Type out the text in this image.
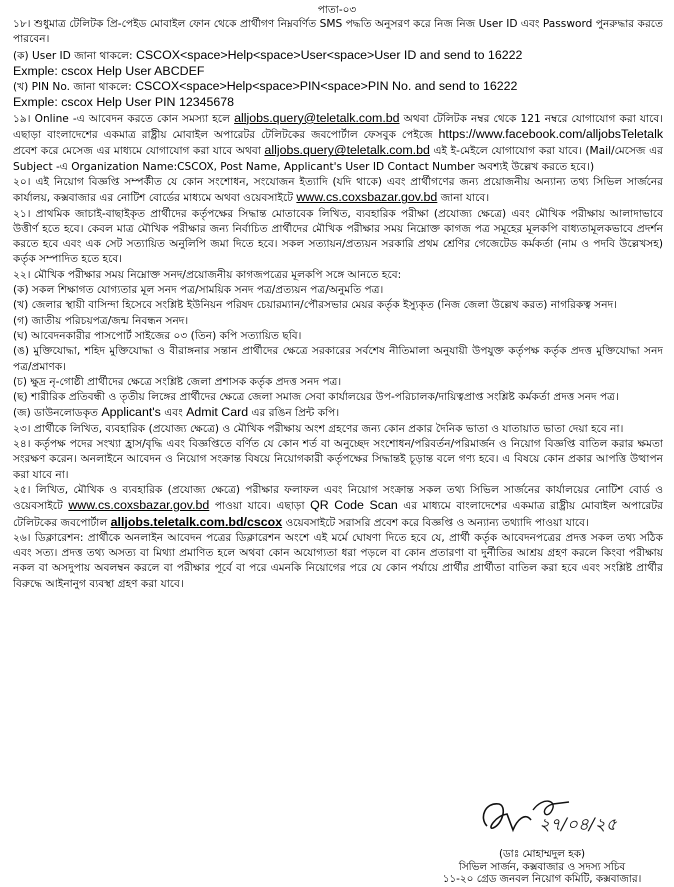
পাতা-০৩

১৮। শুধুমাত্র টেলিটক প্রি-পেইড মোবাইল ফোন থেকে প্রার্থীগণ নিম্নবর্ণিত SMS পদ্ধতি অনুসরণ করে নিজ নিজ User ID এবং Password পুনরুদ্ধার করতে পারবেন।

(ক) User ID জানা থাকলে: CSCOX<space>Help<space>User<space>User ID and send to 16222

Exmple: cscox Help User ABCDEF

(খ) PIN No. জানা থাকলে: CSCOX<space>Help<space>PIN<space>PIN No. and send to 16222

Exmple: cscox Help User PIN 12345678

১৯। Online -এ আবেদন করতে কোন সমস্যা হলে alljobs.query@teletalk.com.bd অথবা টেলিটক নম্বর থেকে 121 নম্বরে যোগাযোগ করা যাবে। এছাড়া বাংলাদেশের একমাত্র রাষ্ট্রীয় মোবাইল অপারেটর টেলিটকের জবপোর্টাল ফেসবুক পেইজে https://www.facebook.com/alljobsTeletalk প্রবেশ করে মেসেজ এর মাধ্যমে যোগাযোগ করা যাবে অথবা alljobs.query@teletalk.com.bd এই ই-মেইলে যোগাযোগ করা যাবে। (Mail/মেসেজ এর Subject -এ Organization Name:CSCOX, Post Name, Applicant's User ID Contact Number অবশ্যই উল্লেখ করতে হবে।)

২০। এই নিয়োগ বিজ্ঞপ্তি সম্পর্কীত যে কোন সংশোধন, সংযোজন ইত্যাদি (যদি থাকে) এবং প্রার্থীগণের জন্য প্রয়োজনীয় অন্যান্য তথ্য সিভিল সার্জনের কার্যালয়, কক্সবাজার এর নোটিশ বোর্ডের মাধ্যমে অথবা ওয়েবসাইটে www.cs.coxsbazar.gov.bd জানা যাবে।

২১। প্রাথমিক জাচাই-বাছাইকৃত প্রার্থীদের কর্তৃপক্ষের সিদ্ধান্ত মোতাবেক লিখিত, ব্যবহারিক পরীক্ষা (প্রযোজ্য ক্ষেত্রে) এবং মৌখিক পরীক্ষায় আলাদাভাবে উত্তীর্ণ হতে হবে। কেবল মাত্র মৌখিক পরীক্ষার জন্য নির্বাচিত প্রার্থীদের মৌখিক পরীক্ষার সময় নিম্নোক্ত কাগজ পত্র সমূহের মূলকপি বাধ্যতামূলকভাবে প্রদর্শন করতে হবে এবং এক সেট সত্যায়িত অনুলিপি জমা দিতে হবে। সকল সত্যায়ন/প্রত্যয়ন সরকারি প্রথম শ্রেণির গেজেটেড কর্মকর্তা (নাম ও পদবি উল্লেখসহ) কর্তৃক সম্পাদিত হতে হবে।

২২। মৌখিক পরীক্ষার সময় নিম্নোক্ত সনদ/প্রয়োজনীয় কাগজপত্রের মূলকপি সঙ্গে আনতে হবে:

(ক) সকল শিক্ষাগত যোগ্যতার মূল সনদ পত্র/সাময়িক সনদ পত্র/প্রত্যয়ন পত্র/অনুমতি পত্র।

(খ) জেলার স্থায়ী বাসিন্দা হিসেবে সংশ্লিষ্ট ইউনিয়ন পরিষদ চেয়ারম্যান/পৌরসভার মেয়র কর্তৃক ইস্যুকৃত (নিজ জেলা উল্লেখ করত) নাগরিকত্ব সনদ।

(গ) জাতীয় পরিচয়পত্র/জন্ম নিবন্ধন সনদ।

(ঘ) আবেদনকারীর পাসপোর্ট সাইজের ০৩ (তিন) কপি সত্যায়িত ছবি।

(ঙ) মুক্তিযোদ্ধা, শহিদ মুক্তিযোদ্ধা ও বীরাঙ্গনার সন্তান প্রার্থীদের ক্ষেত্রে সরকারের সর্বশেষ নীতিমালা অনুযায়ী উপযুক্ত কর্তৃপক্ষ কর্তৃক প্রদত্ত মুক্তিযোদ্ধা সনদ পত্র/প্রমাণক।

(চ) ক্ষুদ্র নৃ-গোষ্ঠী প্রার্থীদের ক্ষেত্রে সংশ্লিষ্ট জেলা প্রশাসক কর্তৃক প্রদত্ত সনদ পত্র।

(ছ) শারীরিক প্রতিবন্ধী ও তৃতীয় লিঙ্গের প্রার্থীদের ক্ষেত্রে জেলা সমাজ সেবা কার্যালয়ের উপ-পরিচালক/দায়িত্বপ্রাপ্ত সংশ্লিষ্ট কর্মকর্তা প্রদত্ত সনদ পত্র।

(জ) ডাউনলোডকৃত Applicant's এবং Admit Card এর রঙিন প্রিন্ট কপি।

২৩। প্রার্থীকে লিখিত, ব্যবহারিক (প্রযোজ্য ক্ষেত্রে) ও মৌখিক পরীক্ষায় অংশ গ্রহণের জন্য কোন প্রকার দৈনিক ভাতা ও যাতায়াত ভাতা দেয়া হবে না।

২৪। কর্তৃপক্ষ পদের সংখ্যা হ্রাস/বৃদ্ধি এবং বিজ্ঞপ্তিতে বর্ণিত যে কোন শর্ত বা অনুচ্ছেদ সংশোধন/পরিবর্তন/পরিমার্জন ও নিয়োগ বিজ্ঞপ্তি বাতিল করার ক্ষমতা সংরক্ষণ করেন। অনলাইনে আবেদন ও নিয়োগ সংক্রান্ত বিষয়ে নিয়োগকারী কর্তৃপক্ষের সিদ্ধান্তই চূড়ান্ত বলে গণ্য হবে। এ বিষয়ে কোন প্রকার আপত্তি উত্থাপন করা যাবে না।

২৫। লিখিত, মৌখিক ও ব্যবহারিক (প্রযোজ্য ক্ষেত্রে) পরীক্ষার ফলাফল এবং নিয়োগ সংক্রান্ত সকল তথ্য সিভিল সার্জনের কার্যালয়ের নোটিশ বোর্ড ও ওয়েবসাইটে www.cs.coxsbazar.gov.bd পাওয়া যাবে। এছাড়া QR Code Scan এর মাধ্যমে বাংলাদেশের একমাত্র রাষ্ট্রীয় মোবাইল অপারেটর টেলিটকের জবপোর্টাল alljobs.teletalk.com.bd/cscox ওয়েবসাইটে সরাসরি প্রবেশ করে বিজ্ঞপ্তি ও অন্যান্য তথ্যাদি পাওয়া যাবে।

২৬। ডিক্লারেশন: প্রার্থীকে অনলাইন আবেদন পত্রের ডিক্লারেশন অংশে এই মর্মে ঘোষণা দিতে হবে যে, প্রার্থী কর্তৃক আবেদনপত্রের প্রদত্ত সকল তথ্য সঠিক এবং সত্য। প্রদত্ত তথ্য অসত্য বা মিথ্যা প্রমাণিত হলে অথবা কোন অযোগ্যতা ধরা পড়লে বা কোন প্রতারণা বা দুর্নীতির আশ্রয় গ্রহণ করলে কিংবা পরীক্ষায় নকল বা অসদুপায় অবলম্বন করলে বা পরীক্ষার পূর্বে বা পরে এমনকি নিয়োগের পরে যে কোন পর্যায়ে প্রার্থীর প্রার্থীতা বাতিল করা হবে এবং সংশ্লিষ্ট প্রার্থীর বিরুদ্ধে আইনানুগ ব্যবস্থা গ্রহণ করা যাবে।

২৭/০৪/২৫
(ডাঃ মোহাম্মদুল হক)
সিভিল সার্জন, কক্সবাজার ও সদস্য সচিব
১১-২০ গ্রেড জনবল নিয়োগ কমিটি, কক্সবাজার।
